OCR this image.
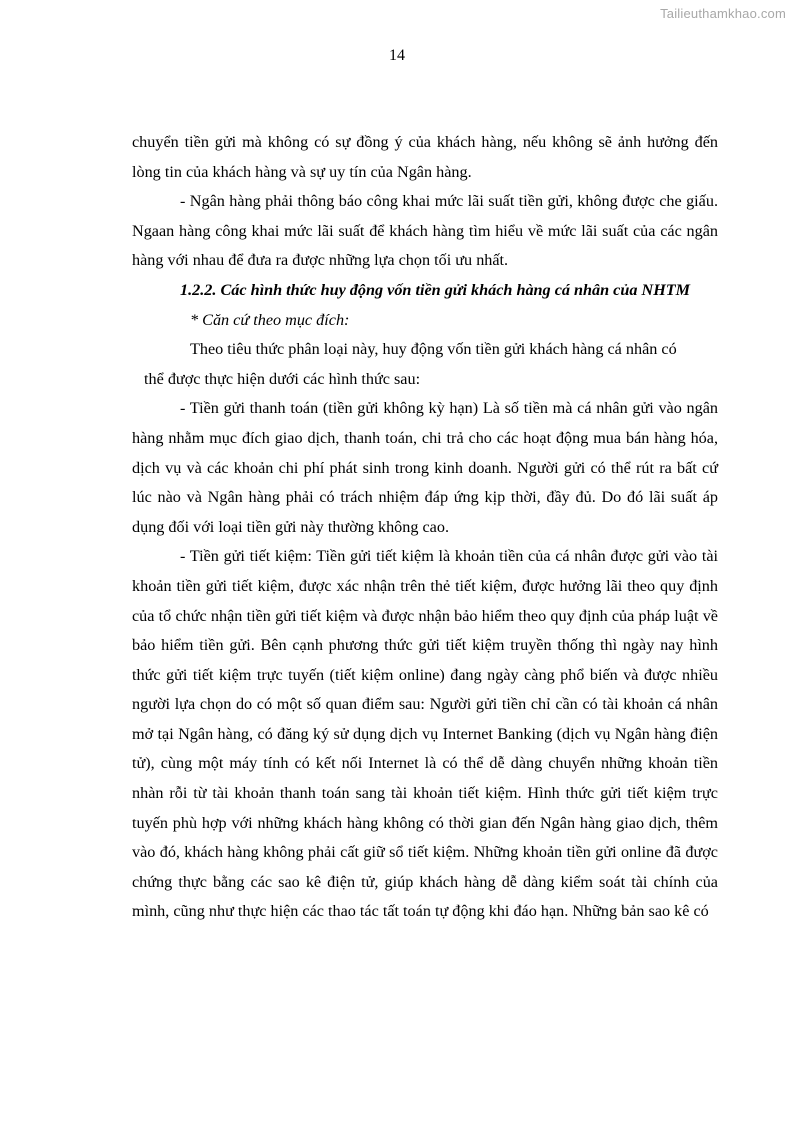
Tailieuthamkhao.com
14

chuyển tiền gửi mà không có sự đồng ý của khách hàng, nếu không sẽ ảnh hưởng đến lòng tin của khách hàng và sự uy tín của Ngân hàng.

- Ngân hàng phải thông báo công khai mức lãi suất tiền gửi, không được che giấu. Ngaan hàng công khai mức lãi suất để khách hàng tìm hiểu về mức lãi suất của các ngân hàng với nhau để đưa ra được những lựa chọn tối ưu nhất.

1.2.2. Các hình thức huy động vốn tiền gửi khách hàng cá nhân của NHTM

* Căn cứ theo mục đích:

Theo tiêu thức phân loại này, huy động vốn tiền gửi khách hàng cá nhân có
thể được thực hiện dưới các hình thức sau:

- Tiền gửi thanh toán (tiền gửi không kỳ hạn) Là số tiền mà cá nhân gửi vào ngân hàng nhằm mục đích giao dịch, thanh toán, chi trả cho các hoạt động mua bán hàng hóa, dịch vụ và các khoản chi phí phát sinh trong kinh doanh. Người gửi có thể rút ra bất cứ lúc nào và Ngân hàng phải có trách nhiệm đáp ứng kịp thời, đầy đủ. Do đó lãi suất áp dụng đối với loại tiền gửi này thường không cao.

- Tiền gửi tiết kiệm: Tiền gửi tiết kiệm là khoản tiền của cá nhân được gửi vào tài khoản tiền gửi tiết kiệm, được xác nhận trên thẻ tiết kiệm, được hưởng lãi theo quy định của tổ chức nhận tiền gửi tiết kiệm và được nhận bảo hiểm theo quy định của pháp luật về bảo hiểm tiền gửi. Bên cạnh phương thức gửi tiết kiệm truyền thống thì ngày nay hình thức gửi tiết kiệm trực tuyến (tiết kiệm online) đang ngày càng phổ biến và được nhiều người lựa chọn do có một số quan điểm sau: Người gửi tiền chỉ cần có tài khoản cá nhân mở tại Ngân hàng, có đăng ký sử dụng dịch vụ Internet Banking (dịch vụ Ngân hàng điện tử), cùng một máy tính có kết nối Internet là có thể dễ dàng chuyển những khoản tiền nhàn rỗi từ tài khoản thanh toán sang tài khoản tiết kiệm. Hình thức gửi tiết kiệm trực tuyến phù hợp với những khách hàng không có thời gian đến Ngân hàng giao dịch, thêm vào đó, khách hàng không phải cất giữ sổ tiết kiệm. Những khoản tiền gửi online đã được chứng thực bằng các sao kê điện tử, giúp khách hàng dễ dàng kiểm soát tài chính của mình, cũng như thực hiện các thao tác tất toán tự động khi đáo hạn. Những bản sao kê có
